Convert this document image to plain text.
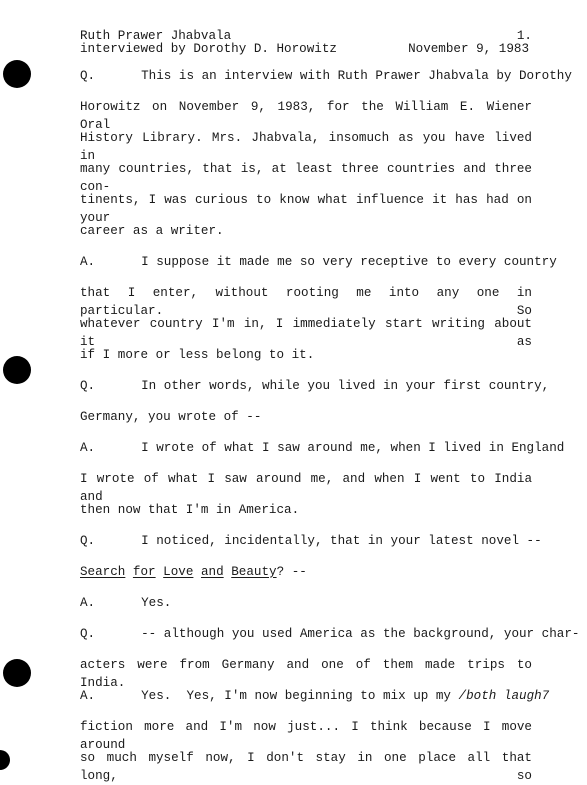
Ruth Prawer Jhabvala	1.
interviewed by Dorothy D. Horowitz	November 9, 1983
Q.	This is an interview with Ruth Prawer Jhabvala by Dorothy
Horowitz on November 9, 1983, for the William E. Wiener Oral
History Library. Mrs. Jhabvala, insomuch as you have lived in
many countries, that is, at least three countries and three con-
tinents, I was curious to know what influence it has had on your
career as a writer.
A.	I suppose it made me so very receptive to every country
that I enter, without rooting me into any one in particular. So
whatever country I'm in, I immediately start writing about it as
if I more or less belong to it.
Q.	In other words, while you lived in your first country,
Germany, you wrote of --
A.	I wrote of what I saw around me, when I lived in England
I wrote of what I saw around me, and when I went to India and
then now that I'm in America.
Q.	I noticed, incidentally, that in your latest novel --
Search for Love and Beauty? --
A.	Yes.
Q.	-- although you used America as the background, your char-
acters were from Germany and one of them made trips to India.
A.	Yes.  Yes, I'm now beginning to mix up my /both laugh7
fiction more and I'm now just... I think because I move around
so much myself now, I don't stay in one place all that long, so
